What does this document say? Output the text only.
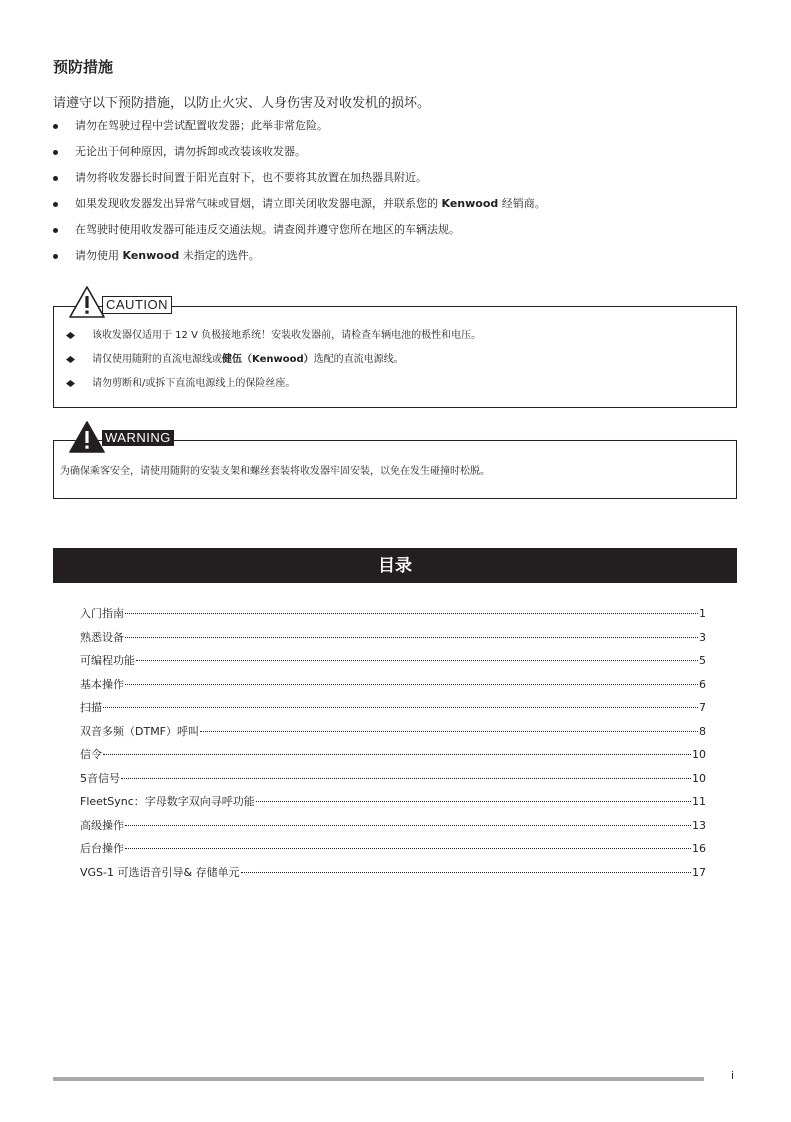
预防措施
请遵守以下预防措施，以防止火灾、人身伤害及对收发机的损坏。
请勿在驾驶过程中尝试配置收发器；此举非常危险。
无论出于何种原因，请勿拆卸或改装该收发器。
请勿将收发器长时间置于阳光直射下，也不要将其放置在加热器具附近。
如果发现收发器发出异常气味或冒烟，请立即关闭收发器电源，并联系您的 Kenwood 经销商。
在驾驶时使用收发器可能违反交通法规。请查阅并遵守您所在地区的车辆法规。
请勿使用 Kenwood 未指定的选件。
该收发器仅适用于 12 V 负极接地系统！安装收发器前，请检查车辆电池的极性和电压。
请仅使用随附的直流电源线或健伍（Kenwood）选配的直流电源线。
请勿剪断和/或拆下直流电源线上的保险丝座。
CAUTION
为确保乘客安全，请使用随附的安装支架和螺丝套装将收发器牢固安装，以免在发生碰撞时松脱。
WARNING
目录
入门指南	1
熟悉设备	3
可编程功能	5
基本操作	6
扫描	7
双音多频（DTMF）呼叫	8
信令	10
5音信号	10
FleetSync：字母数字双向寻呼功能	11
高级操作	13
后台操作	16
VGS-1 可选语音引导& 存储单元	17
i
